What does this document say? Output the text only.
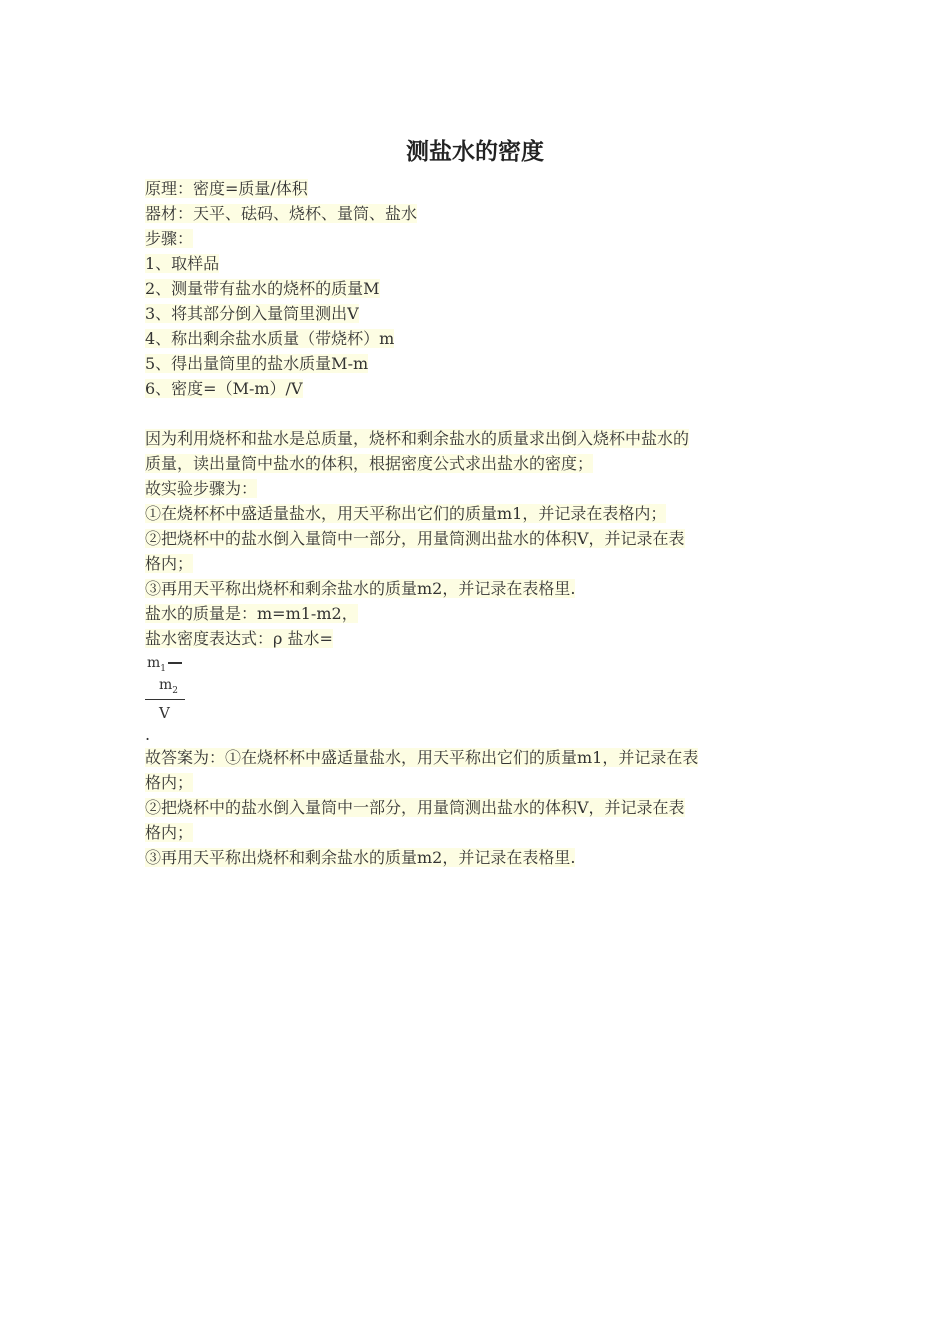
测盐水的密度
原理：密度=质量/体积
器材：天平、砝码、烧杯、量筒、盐水
步骤：
1、取样品
2、测量带有盐水的烧杯的质量M
3、将其部分倒入量筒里测出V
4、称出剩余盐水质量（带烧杯）m
5、得出量筒里的盐水质量M-m
6、密度=（M-m）/V
因为利用烧杯和盐水是总质量，烧杯和剩余盐水的质量求出倒入烧杯中盐水的
质量，读出量筒中盐水的体积，根据密度公式求出盐水的密度；
故实验步骤为：
①在烧杯杯中盛适量盐水，用天平称出它们的质量m1，并记录在表格内；
②把烧杯中的盐水倒入量筒中一部分，用量筒测出盐水的体积V，并记录在表
格内；
③再用天平称出烧杯和剩余盐水的质量m2，并记录在表格里.
盐水的质量是：m=m1-m2，
盐水密度表达式：ρ 盐水=
$m_1$
$m_2$
V
.
故答案为：①在烧杯杯中盛适量盐水，用天平称出它们的质量m1，并记录在表
格内；
②把烧杯中的盐水倒入量筒中一部分，用量筒测出盐水的体积V，并记录在表
格内；
③再用天平称出烧杯和剩余盐水的质量m2，并记录在表格里.
